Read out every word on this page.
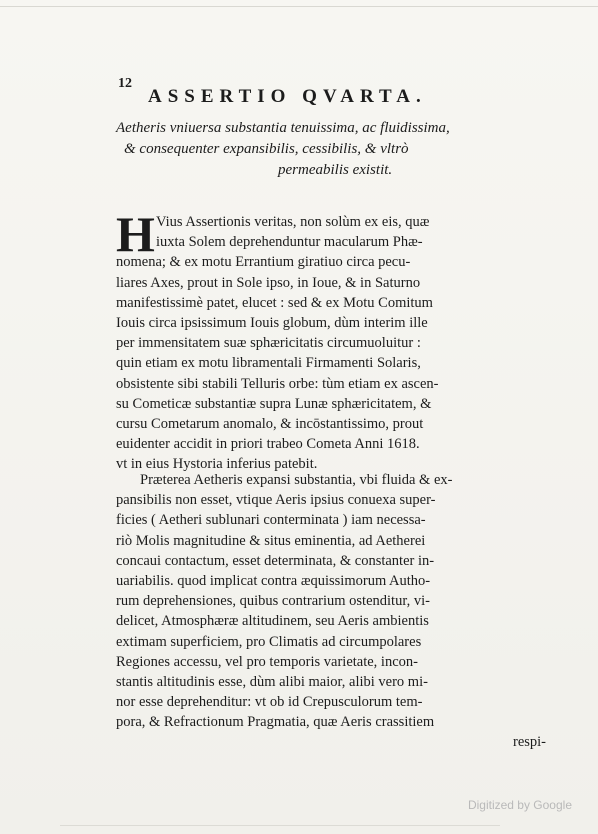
12
ASSERTIO QVARTA.
Aetheris vniuersa substantia tenuissima, ac fluidissima,
& consequenter expansibilis, cessibilis, & vltrò
permeabilis existit.
H Vius Assertionis veritas, non solùm ex eis, quæ
iuxta Solem deprehenduntur macularum Phæ-
nomena; & ex motu Errantium giratiuo circa pecu-
liares Axes, prout in Sole ipso, in Ioue, & in Saturno
manifestissimè patet, elucet : sed & ex Motu Comitum
Iouis circa ipsissimum Iouis globum, dùm interim ille
per immensitatem suæ sphæricitatis circumuoluitur :
quin etiam ex motu libramentali Firmamenti Solaris,
obsistente sibi stabili Telluris orbe: tùm etiam ex ascen-
su Cometicæ substantiæ supra Lunæ sphæricitatem, &
cursu Cometarum anomalo, & incōstantissimo, prout
euidenter accidit in priori trabeo Cometa Anni 1618.
vt in eius Hystoria inferius patebit.
Præterea Aetheris expansi substantia, vbi fluida & ex-
pansibilis non esset, vtique Aeris ipsius conuexa super-
ficies ( Aetheri sublunari conterminata ) iam necessa-
riò Molis magnitudine & situs eminentia, ad Aetherei
concaui contactum, esset determinata, & constanter in-
uariabilis. quod implicat contra æquissimorum Autho-
rum deprehensiones, quibus contrarium ostenditur, vi-
delicet, Atmosphæræ altitudinem, seu Aeris ambientis
extimam superficiem, pro Climatis ad circumpolares
Regiones accessu, vel pro temporis varietate, incon-
stantis altitudinis esse, dùm alibi maior, alibi vero mi-
nor esse deprehenditur: vt ob id Crepusculorum tem-
pora, & Refractionum Pragmatia, quæ Aeris crassitiem
respi-
Digitized by Google
